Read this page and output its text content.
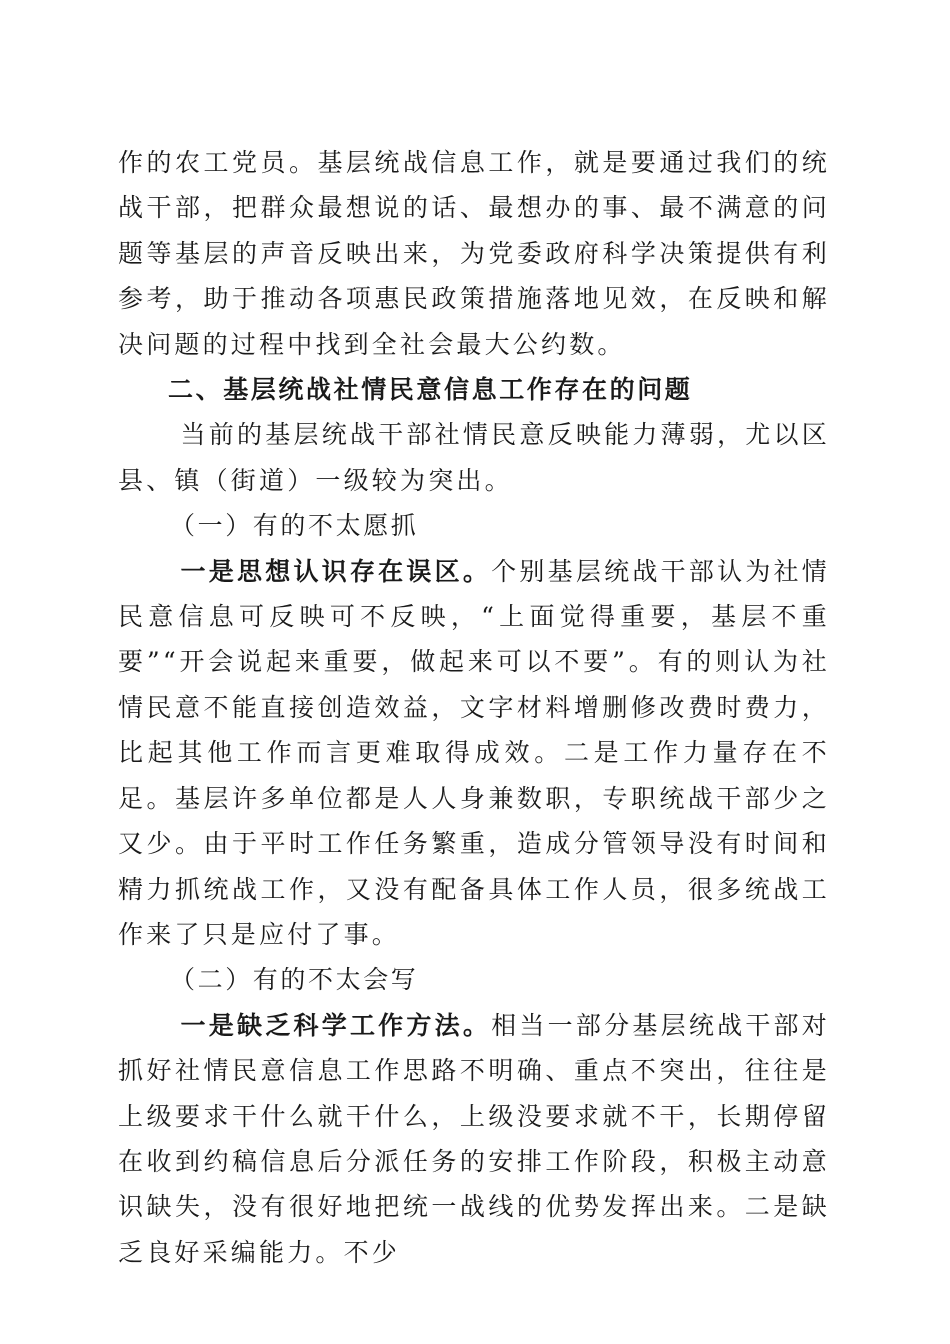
作的农工党员。基层统战信息工作，就是要通过我们的统战干部，把群众最想说的话、最想办的事、最不满意的问题等基层的声音反映出来，为党委政府科学决策提供有利参考，助于推动各项惠民政策措施落地见效，在反映和解决问题的过程中找到全社会最大公约数。

二、基层统战社情民意信息工作存在的问题

当前的基层统战干部社情民意反映能力薄弱，尤以区县、镇（街道）一级较为突出。

（一）有的不太愿抓

一是思想认识存在误区。个别基层统战干部认为社情民意信息可反映可不反映，“上面觉得重要，基层不重要”“开会说起来重要，做起来可以不要”。有的则认为社情民意不能直接创造效益，文字材料增删修改费时费力，比起其他工作而言更难取得成效。二是工作力量存在不足。基层许多单位都是人人身兼数职，专职统战干部少之又少。由于平时工作任务繁重，造成分管领导没有时间和精力抓统战工作，又没有配备具体工作人员，很多统战工作来了只是应付了事。

（二）有的不太会写

一是缺乏科学工作方法。相当一部分基层统战干部对抓好社情民意信息工作思路不明确、重点不突出，往往是上级要求干什么就干什么，上级没要求就不干，长期停留在收到约稿信息后分派任务的安排工作阶段，积极主动意识缺失，没有很好地把统一战线的优势发挥出来。二是缺乏良好采编能力。不少
